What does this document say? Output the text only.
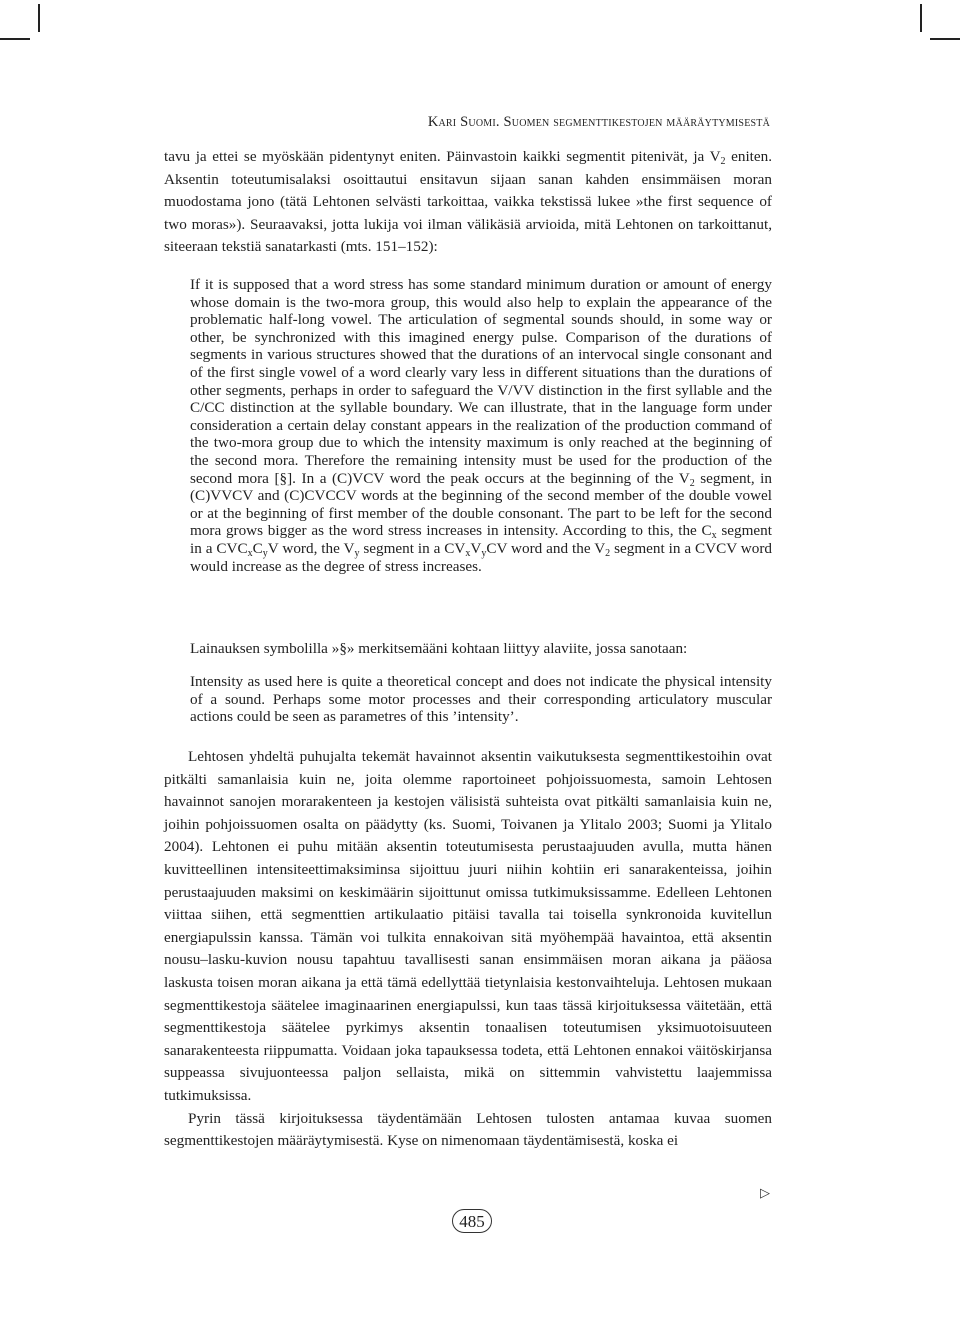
Kari Suomi. Suomen segmenttikestojen määräytymisestä

tavu ja ettei se myöskään pidentynyt eniten. Päinvastoin kaikki segmentit pitenivät, ja $V_2$ eniten. Aksentin toteutumisalaksi osoittautui ensitavun sijaan sanan kahden ensimmäisen moran muodostama jono (tätä Lehtonen selvästi tarkoittaa, vaikka tekstissä lukee »the first sequence of two moras»). Seuraavaksi, jotta lukija voi ilman välikäsiä arvioida, mitä Lehtonen on tarkoittanut, siteeraan tekstiä sanatarkasti (mts. 151–152):

If it is supposed that a word stress has some standard minimum duration or amount of energy whose domain is the two-mora group, this would also help to explain the appearance of the problematic half-long vowel. The articulation of segmental sounds should, in some way or other, be synchronized with this imagined energy pulse. Comparison of the durations of segments in various structures showed that the durations of an intervocal single consonant and of the first single vowel of a word clearly vary less in different situations than the durations of other segments, perhaps in order to safeguard the V/VV distinction in the first syllable and the C/CC distinction at the syllable boundary. We can illustrate, that in the language form under consideration a certain delay constant appears in the realization of the production command of the two-mora group due to which the intensity maximum is only reached at the beginning of the second mora. Therefore the remaining intensity must be used for the production of the second mora [§]. In a (C)VCV word the peak occurs at the beginning of the $V_2$ segment, in (C)VVCV and (C)CVCCV words at the beginning of the second member of the double vowel or at the beginning of first member of the double consonant. The part to be left for the second mora grows bigger as the word stress increases in intensity. According to this, the $C_x$ segment in a $CVC_xC_yV$ word, the $V_y$ segment in a $CV_xV_yCV$ word and the $V_2$ segment in a CVCV word would increase as the degree of stress increases.

Lainauksen symbolilla »§» merkitsemääni kohtaan liittyy alaviite, jossa sanotaan:

Intensity as used here is quite a theoretical concept and does not indicate the physical intensity of a sound. Perhaps some motor processes and their corresponding articulatory muscular actions could be seen as parametres of this ’intensity’.

Lehtosen yhdeltä puhujalta tekemät havainnot aksentin vaikutuksesta segmenttikestoihin ovat pitkälti samanlaisia kuin ne, joita olemme raportoineet pohjoissuomesta, samoin Lehtosen havainnot sanojen morarakenteen ja kestojen välisistä suhteista ovat pitkälti samanlaisia kuin ne, joihin pohjoissuomen osalta on päädytty (ks. Suomi, Toivanen ja Ylitalo 2003; Suomi ja Ylitalo 2004). Lehtonen ei puhu mitään aksentin toteutumisesta perustaajuuden avulla, mutta hänen kuvitteellinen intensiteettimaksiminsa sijoittuu juuri niihin kohtiin eri sanarakenteissa, joihin perustaajuuden maksimi on keskimäärin sijoittunut omissa tutkimuksissamme. Edelleen Lehtonen viittaa siihen, että segmenttien artikulaatio pitäisi tavalla tai toisella synkronoida kuvitellun energiapulssin kanssa. Tämän voi tulkita ennakoivan sitä myöhempää havaintoa, että aksentin nousu–lasku-kuvion nousu tapahtuu tavallisesti sanan ensimmäisen moran aikana ja pääosa laskusta toisen moran aikana ja että tämä edellyttää tietynlaisia kestonvaihteluja. Lehtosen mukaan segmenttikestoja säätelee imaginaarinen energiapulssi, kun taas tässä kirjoituksessa väitetään, että segmenttikestoja säätelee pyrkimys aksentin tonaalisen toteutumisen yksimuotoisuuteen sanarakenteesta riippumatta. Voidaan joka tapauksessa todeta, että Lehtonen ennakoi väitöskirjansa suppeassa sivujuonteessa paljon sellaista, mikä on sittemmin vahvistettu laajemmissa tutkimuksissa.

Pyrin tässä kirjoituksessa täydentämään Lehtosen tulosten antamaa kuvaa suomen segmenttikestojen määräytymisestä. Kyse on nimenomaan täydentämisestä, koska ei

▷
485
